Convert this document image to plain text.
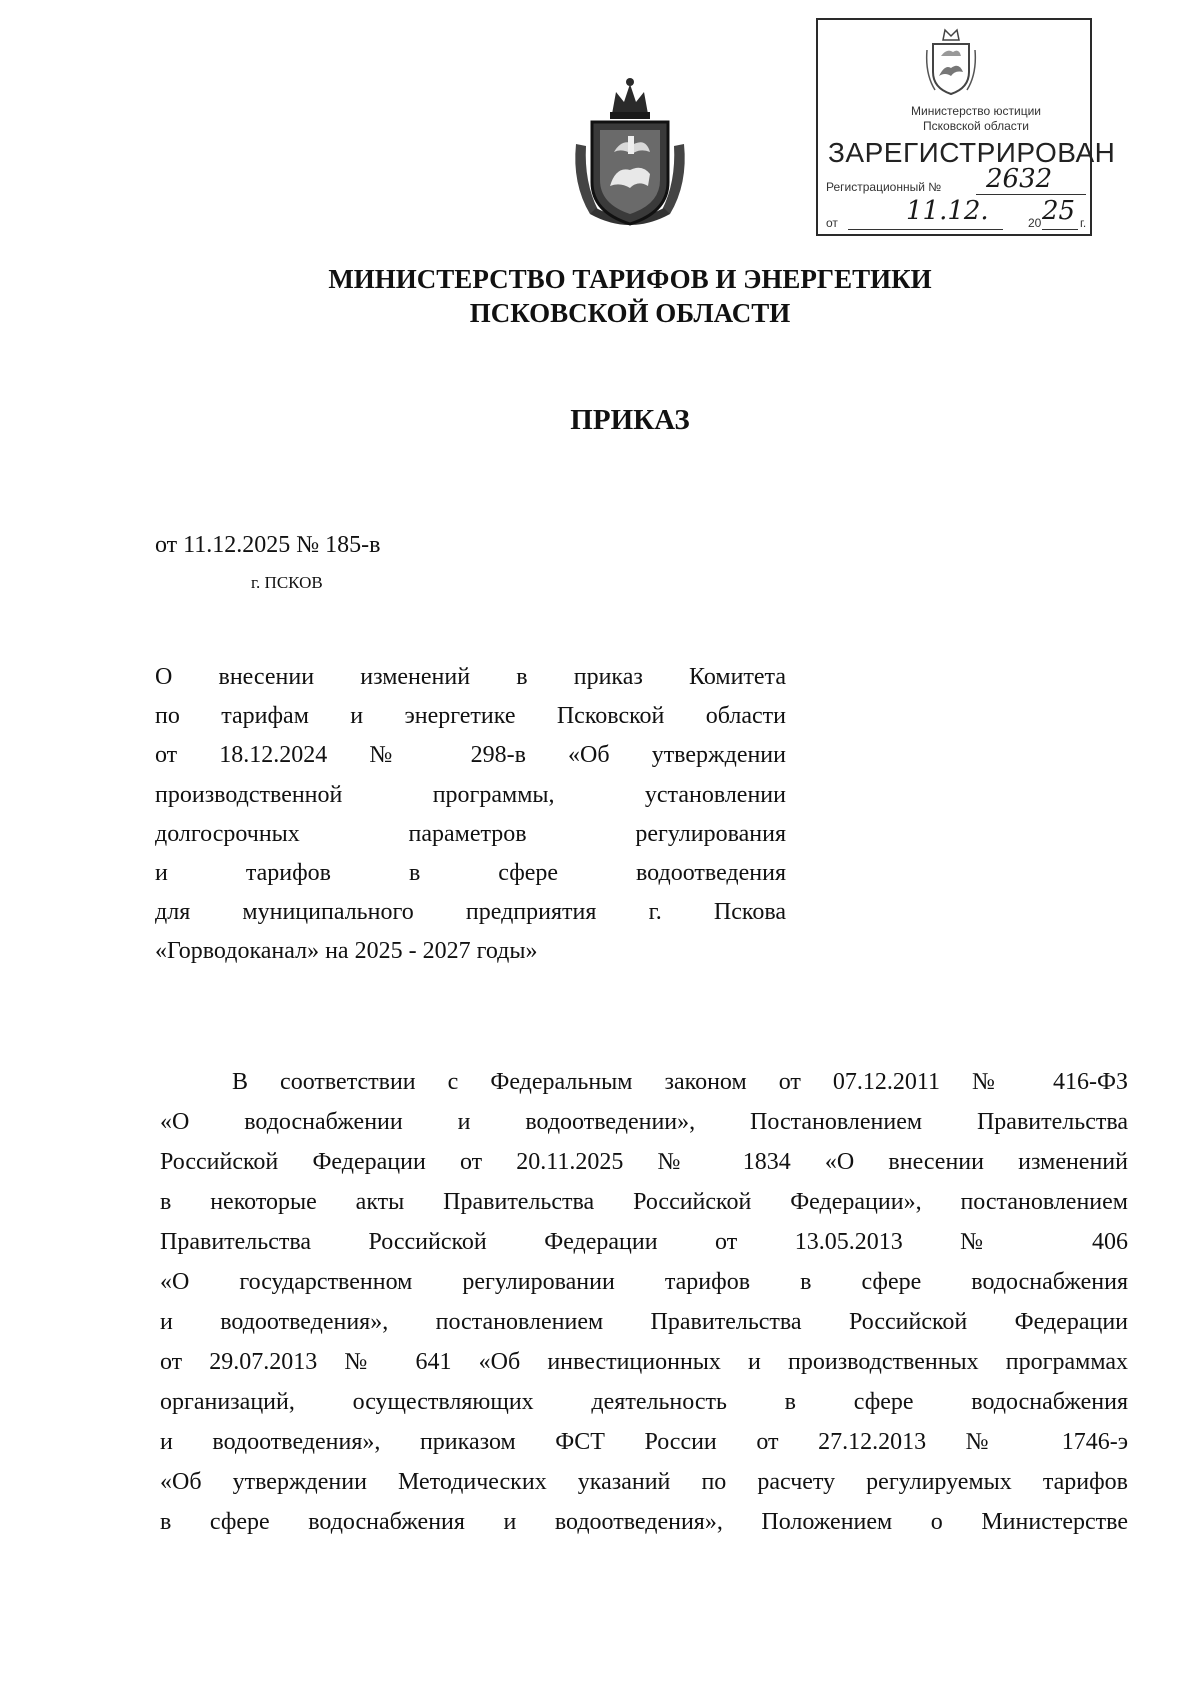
Министерство юстиции
Псковской области
ЗАРЕГИСТРИРОВАН
Регистрационный № 2632
от	11.12.	20 25 г.
МИНИСТЕРСТВО ТАРИФОВ И ЭНЕРГЕТИКИ
ПСКОВСКОЙ ОБЛАСТИ
ПРИКАЗ
от 11.12.2025 № 185-в
г. ПСКОВ
О внесении изменений в приказ Комитета
по тарифам и энергетике Псковской области
от 18.12.2024 № 298-в «Об утверждении
производственной программы, установлении
долгосрочных параметров регулирования
и тарифов в сфере водоотведения
для муниципального предприятия г. Пскова
«Горводоканал» на 2025 - 2027 годы»
В соответствии с Федеральным законом от 07.12.2011 № 416-ФЗ
«О водоснабжении и водоотведении», Постановлением Правительства
Российской Федерации от 20.11.2025 № 1834 «О внесении изменений
в некоторые акты Правительства Российской Федерации», постановлением
Правительства Российской Федерации от 13.05.2013 № 406
«О государственном регулировании тарифов в сфере водоснабжения
и водоотведения», постановлением Правительства Российской Федерации
от 29.07.2013 № 641 «Об инвестиционных и производственных программах
организаций, осуществляющих деятельность в сфере водоснабжения
и водоотведения», приказом ФСТ России от 27.12.2013 № 1746-э
«Об утверждении Методических указаний по расчету регулируемых тарифов
в сфере водоснабжения и водоотведения», Положением о Министерстве
